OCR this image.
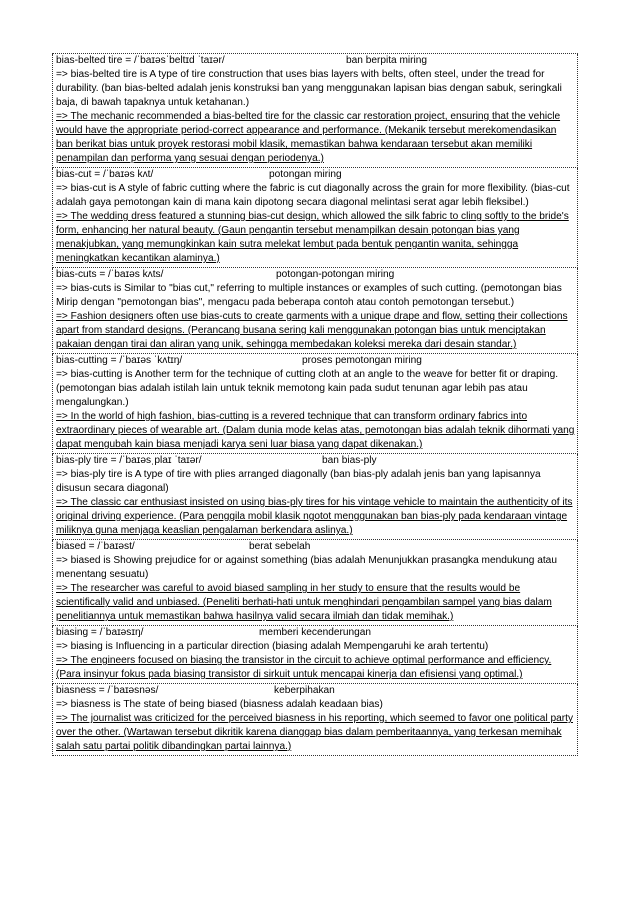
bias-belted tire = /ˈbaɪəsˈbeltɪd ˈtaɪər/	ban berpita miring
=> bias-belted tire is A type of tire construction that uses bias layers with belts, often steel, under the tread for durability. (ban bias-belted adalah jenis konstruksi ban yang menggunakan lapisan bias dengan sabuk, seringkali baja, di bawah tapaknya untuk ketahanan.)
=> The mechanic recommended a bias-belted tire for the classic car restoration project, ensuring that the vehicle would have the appropriate period-correct appearance and performance. (Mekanik tersebut merekomendasikan ban berikat bias untuk proyek restorasi mobil klasik, memastikan bahwa kendaraan tersebut akan memiliki penampilan dan performa yang sesuai dengan periodenya.)
bias-cut = /ˈbaɪəs kʌt/	potongan miring
=> bias-cut is A style of fabric cutting where the fabric is cut diagonally across the grain for more flexibility. (bias-cut adalah gaya pemotongan kain di mana kain dipotong secara diagonal melintasi serat agar lebih fleksibel.)
=> The wedding dress featured a stunning bias-cut design, which allowed the silk fabric to cling softly to the bride's form, enhancing her natural beauty. (Gaun pengantin tersebut menampilkan desain potongan bias yang menakjubkan, yang memungkinkan kain sutra melekat lembut pada bentuk pengantin wanita, sehingga meningkatkan kecantikan alaminya.)
bias-cuts = /ˈbaɪəs kʌts/	potongan-potongan miring
=> bias-cuts is Similar to "bias cut," referring to multiple instances or examples of such cutting. (pemotongan bias Mirip dengan "pemotongan bias", mengacu pada beberapa contoh atau contoh pemotongan tersebut.)
=> Fashion designers often use bias-cuts to create garments with a unique drape and flow, setting their collections apart from standard designs. (Perancang busana sering kali menggunakan potongan bias untuk menciptakan pakaian dengan tirai dan aliran yang unik, sehingga membedakan koleksi mereka dari desain standar.)
bias-cutting = /ˈbaɪəs ˈkʌtɪŋ/	proses pemotongan miring
=> bias-cutting is Another term for the technique of cutting cloth at an angle to the weave for better fit or draping. (pemotongan bias adalah istilah lain untuk teknik memotong kain pada sudut tenunan agar lebih pas atau mengalungkan.)
=> In the world of high fashion, bias-cutting is a revered technique that can transform ordinary fabrics into extraordinary pieces of wearable art. (Dalam dunia mode kelas atas, pemotongan bias adalah teknik dihormati yang dapat mengubah kain biasa menjadi karya seni luar biasa yang dapat dikenakan.)
bias-ply tire = /ˈbaɪəsˌplaɪ ˈtaɪər/	ban bias-ply
=> bias-ply tire is A type of tire with plies arranged diagonally (ban bias-ply adalah jenis ban yang lapisannya disusun secara diagonal)
=> The classic car enthusiast insisted on using bias-ply tires for his vintage vehicle to maintain the authenticity of its original driving experience. (Para penggila mobil klasik ngotot menggunakan ban bias-ply pada kendaraan vintage miliknya guna menjaga keaslian pengalaman berkendara aslinya.)
biased = /ˈbaɪəst/	berat sebelah
=> biased is Showing prejudice for or against something (bias adalah Menunjukkan prasangka mendukung atau menentang sesuatu)
=> The researcher was careful to avoid biased sampling in her study to ensure that the results would be scientifically valid and unbiased. (Peneliti berhati-hati untuk menghindari pengambilan sampel yang bias dalam penelitiannya untuk memastikan bahwa hasilnya valid secara ilmiah dan tidak memihak.)
biasing = /ˈbaɪəsɪŋ/	memberi kecenderungan
=> biasing is Influencing in a particular direction (biasing adalah Mempengaruhi ke arah tertentu)
=> The engineers focused on biasing the transistor in the circuit to achieve optimal performance and efficiency. (Para insinyur fokus pada biasing transistor di sirkuit untuk mencapai kinerja dan efisiensi yang optimal.)
biasness = /ˈbaɪəsnəs/	keberpihakan
=> biasness is The state of being biased (biasness adalah keadaan bias)
=> The journalist was criticized for the perceived biasness in his reporting, which seemed to favor one political party over the other. (Wartawan tersebut dikritik karena dianggap bias dalam pemberitaannya, yang terkesan memihak salah satu partai politik dibandingkan partai lainnya.)
